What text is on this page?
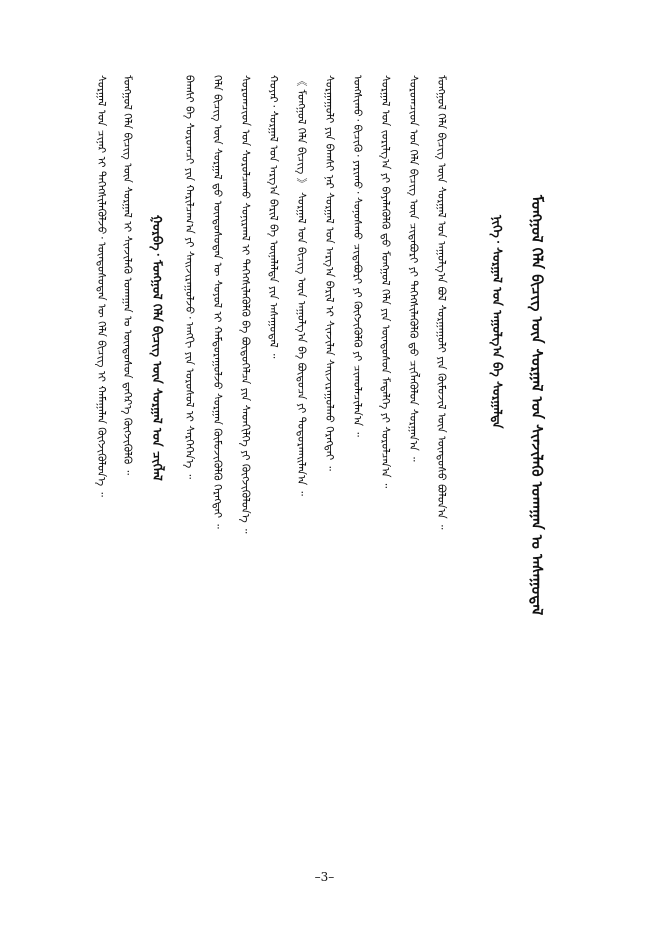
ᠰᠤᠷᠭᠠᠯ ᠤᠨ ᠴᠢᠨᠠᠷ ᠢ ᠳᠡᠭᠡᠭᠰᠢᠯᠡᠭᠦᠯᠵᠦ᠂ ᠦᠨᠳᠦᠰᠦᠲᠡᠨ ᠦ ᠬᠡᠯᠡ ᠪᠢᠴᠢᠭ ᠢ ᠬᠠᠮᠠᠭᠠᠯᠠᠨ ᠬᠥᠭᠵᠢᠭᠦᠯᠦᠨ᠎ᠡ ᠃ ᠮᠣᠩᠭᠣᠯ ᠬᠡᠯᠡ ᠪᠢᠴᠢᠭ᠌ ᠦᠨ ᠰᠤᠷᠭᠠᠯ ᠢ ᠰᠢᠨᠵᠢᠯᠡᠬᠦ ᠤᠬᠠᠭᠠᠨ ᠤ ᠦᠨᠳᠦᠰᠦᠨ ᠳ᠋ᠡᠭᠡᠷ᠎ᠡ ᠬᠥᠭᠵᠢᠭᠦᠯᠬᠦ ᠃ ᠭᠤᠷᠪᠠ᠂ ᠮᠣᠩᠭᠣᠯ ᠬᠡᠯᠡ ᠪᠢᠴᠢᠭ᠌ ᠦᠨ ᠰᠤᠷᠭᠠᠯ ᠤᠨ ᠴᠢᠭᠯᠡᠯ ᠪᠠᠭᠰᠢ ᠪᠠ ᠰᠤᠷᠤᠭᠴᠢ ᠶᠢᠨ ᠬᠠᠷᠢᠯᠴᠠᠭ᠎ᠠ ᠶᠢ ᠰᠠᠢᠵᠢᠷᠠᠭᠤᠯᠵᠤ᠂ ᠠᠩᠭᠢ ᠶᠢᠨ ᠤᠷᠤᠰᠤᠯ ᠢ ᠰᠡᠷᠭᠡᠭᠡᠨ᠎ᠡ ᠃ ᠬᠡᠯᠡ ᠪᠢᠴᠢᠭ᠌ ᠦᠨ ᠰᠤᠷᠭᠠᠯ ᠳ᠋ᠤ ᠦᠨᠳᠦᠰᠦᠲᠡᠨ ᠦ ᠰᠣᠶᠣᠯ ᠢ ᠬᠠᠮᠲᠤᠷᠠᠭᠤᠯᠵᠤ ᠰᠤᠷᠭᠠᠨ ᠬᠥᠮᠦᠵᠢᠭᠦᠯᠬᠦ ᠬᠡᠷᠡᠭᠲᠡᠢ ᠃ ᠰᠤᠷᠤᠭᠴᠢᠳ ᠤᠨ ᠰᠤᠷᠤᠯᠴᠠᠬᠤ ᠰᠣᠨᠢᠷᠬᠠᠯ ᠢ ᠳᠡᠭᠡᠭᠰᠢᠯᠡᠭᠦᠯᠬᠦ ᠪᠠ ᠪᠦᠲᠦᠭᠡᠯᠴᠡ ᠶᠢᠨ ᠰᠡᠳᠬᠢᠯᠭᠡ ᠶᠢ ᠬᠥᠭᠵᠢᠭᠦᠯᠦᠨ᠎ᠡ ᠃ ᠬᠣᠶᠠᠷ᠂ ᠰᠤᠷᠭᠠᠯ ᠤᠨ ᠠᠷᠭ᠎ᠠ ᠪᠠᠷᠢᠯ ᠪᠠ ᠦᠨᠡᠯᠡᠯᠲᠡ ᠶᠢᠨ ᠠᠰᠠᠭᠤᠳᠠᠯ ᠃ 《 ᠮᠣᠩᠭᠣᠯ ᠬᠡᠯᠡ ᠪᠢᠴᠢᠭ᠌ 》 ᠰᠤᠷᠭᠠᠯ ᠤᠨ ᠪᠢᠴᠢᠭ ᠦᠨ ᠠᠭᠤᠯᠭ᠎ᠠ ᠪᠠ ᠪᠦᠲᠦᠴᠡ ᠶᠢ ᠲᠣᠳᠣᠷᠬᠠᠢᠯᠠᠨ᠎ᠠ ᠃ ᠰᠤᠷᠭᠠᠭᠤᠯᠢ ᠶᠢᠨ ᠪᠠᠭᠰᠢ ᠨᠠᠷ ᠰᠤᠷᠭᠠᠯ ᠤᠨ ᠠᠷᠭ᠎ᠠ ᠪᠠᠷᠢᠯ ᠢ ᠰᠢᠨᠵᠢᠯᠡᠨ ᠰᠠᠢᠵᠢᠷᠠᠭᠤᠯᠬᠤ ᠬᠡᠷᠡᠭᠲᠡᠢ ᠃ ᠤᠩᠰᠢᠬᠤ᠂ ᠪᠢᠴᠢᠬᠦ᠂ ᠶᠠᠷᠢᠬᠤ᠂ ᠰᠣᠨᠣᠰᠬᠤ ᠴᠢᠳᠠᠪᠤᠷᠢ ᠶᠢ ᠬᠥᠭᠵᠢᠭᠦᠯᠬᠦ ᠶᠢ ᠴᠢᠬᠤᠯᠠᠴᠢᠯᠠᠨ᠎ᠠ ᠃ ᠰᠤᠷᠭᠠᠯ ᠤᠨ ᠵᠣᠷᠢᠯᠭ᠎ᠠ ᠶᠢ ᠪᠡᠶᠡᠯᠡᠭᠦᠯᠬᠦ ᠳ᠋ᠤ ᠮᠣᠩᠭᠣᠯ ᠬᠡᠯᠡ ᠶᠢᠨ ᠦᠨᠳᠦᠰᠦᠨ ᠮᠡᠳᠡᠯᠭᠡ ᠶᠢ ᠰᠤᠷᠤᠯᠴᠠᠨ᠎ᠠ ᠃ ᠰᠤᠷᠤᠭᠴᠢᠳ ᠤᠨ ᠬᠡᠯᠡ ᠪᠢᠴᠢᠭ᠌ ᠦᠨ ᠴᠢᠳᠠᠪᠤᠷᠢ ᠶᠢ ᠳᠡᠭᠡᠭᠰᠢᠯᠡᠭᠦᠯᠬᠦ ᠳ᠋ᠤ ᠴᠢᠭᠯᠡᠭᠦᠯᠦᠨ ᠰᠤᠷᠭᠠᠨ᠎ᠠ ᠃ ᠮᠣᠩᠭᠣᠯ ᠬᠡᠯᠡ ᠪᠢᠴᠢᠭ᠌ ᠦᠨ ᠰᠤᠷᠭᠠᠯ ᠤᠨ ᠠᠭᠤᠯᠭ᠎ᠠ ᠪᠣᠯ ᠰᠤᠷᠭᠠᠭᠤᠯᠢ ᠶᠢᠨ ᠬᠦᠮᠦᠵᠢᠯ ᠦᠨ ᠦᠨᠳᠦᠰᠦ ᠪᠣᠯᠤᠨ᠎ᠠ ᠃	ᠨᠢᠭᠡ᠂ ᠰᠤᠷᠭᠠᠯ ᠤᠨ ᠠᠭᠤᠯᠭ᠎ᠠ ᠪᠠ ᠰᠤᠷᠭᠠᠯᠲᠠ ᠮᠣᠩᠭᠣᠯ ᠬᠡᠯᠡ ᠪᠢᠴᠢᠭ᠌ ᠦᠨ ᠰᠤᠷᠭᠠᠯ ᠤᠨ ᠰᠢᠨᠵᠢᠯᠡᠬᠦ ᠤᠬᠠᠭᠠᠨ ᠤ ᠠᠰᠠᠭᠤᠳᠠᠯ
–3–
